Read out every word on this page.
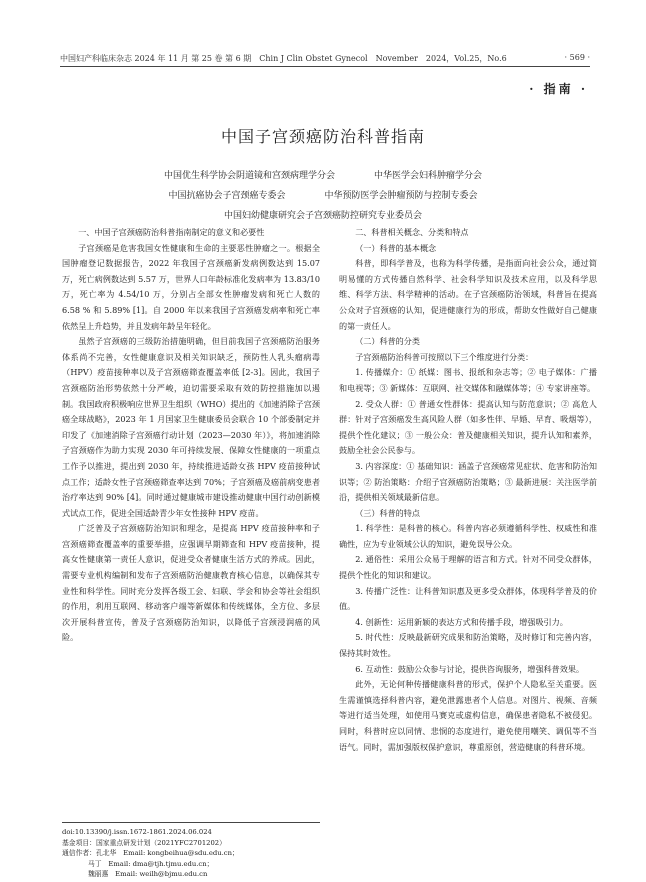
中国妇产科临床杂志 2024 年 11 月 第 25 卷 第 6 期　Chin J Clin Obstet Gynecol　November　2024，Vol.25，No.6	· 569 ·
· 指南 ·
中国子宫颈癌防治科普指南
中国优生科学协会阴道镜和宫颈病理学分会	中华医学会妇科肿瘤学分会
中国抗癌协会子宫颈癌专委会	中华预防医学会肿瘤预防与控制专委会
中国妇幼健康研究会子宫颈癌防控研究专业委员会
一、中国子宫颈癌防治科普指南制定的意义和必要性

子宫颈癌是危害我国女性健康和生命的主要恶性肿瘤之一。根据全国肿瘤登记数据报告，2022 年我国子宫颈癌新发病例数达到 15.07 万，死亡病例数达到 5.57 万，世界人口年龄标准化发病率为 13.83/10 万，死亡率为 4.54/10 万，分别占全部女性肿瘤发病和死亡人数的 6.58 % 和 5.89% [1]。自 2000 年以来我国子宫颈癌发病率和死亡率依然呈上升趋势，并且发病年龄呈年轻化。

虽然子宫颈癌的三级防治措施明确，但目前我国子宫颈癌防治服务体系尚不完善，女性健康意识及相关知识缺乏，预防性人乳头瘤病毒（HPV）疫苗接种率以及子宫颈癌筛查覆盖率低 [2-3]。因此，我国子宫颈癌防治形势依然十分严峻，迫切需要采取有效的防控措施加以遏制。我国政府积极响应世界卫生组织（WHO）提出的《加速消除子宫颈癌全球战略》，2023 年 1 月国家卫生健康委员会联合 10 个部委制定并印发了《加速消除子宫颈癌行动计划（2023—2030 年）》，将加速消除子宫颈癌作为助力实现 2030 年可持续发展、保障女性健康的一项重点工作予以推进，提出到 2030 年，持续推进适龄女孩 HPV 疫苗接种试点工作；适龄女性子宫颈癌筛查率达到 70%；子宫颈癌及癌前病变患者治疗率达到 90% [4]。同时通过健康城市建设推动健康中国行动创新模式试点工作，促进全国适龄青少年女性接种 HPV 疫苗。

广泛普及子宫颈癌防治知识和理念，是提高 HPV 疫苗接种率和子宫颈癌筛查覆盖率的重要举措，应强调早期筛查和 HPV 疫苗接种，提高女性健康第一责任人意识，促进受众者健康生活方式的养成。因此，需要专业机构编制和发布子宫颈癌防治健康教育核心信息，以确保其专业性和科学性。同时充分发挥各级工会、妇联、学会和协会等社会组织的作用，利用互联网、移动客户端等新媒体和传统媒体，全方位、多层次开展科普宣传，普及子宫颈癌防治知识，以降低子宫颈浸润癌的风险。

doi:10.13390/j.issn.1672-1861.2024.06.024
基金项目：国家重点研发计划（2021YFC2701202）
通信作者：孔北华　Email: kongbeihua@sdu.edu.cn；
马丁　Email: dma@tjh.tjmu.edu.cn；
魏丽惠　Email: weilh@bjmu.edu.cn
二、科普相关概念、分类和特点
（一）科普的基本概念

科普，即科学普及，也称为科学传播，是指面向社会公众，通过简明易懂的方式传播自然科学、社会科学知识及技术应用，以及科学思维、科学方法、科学精神的活动。在子宫颈癌防治领域，科普旨在提高公众对子宫颈癌的认知，促进健康行为的形成，帮助女性做好自己健康的第一责任人。

（二）科普的分类

子宫颈癌防治科普可按照以下三个维度进行分类：

1. 传播媒介：① 纸媒：图书、报纸和杂志等；② 电子媒体：广播和电视等；③ 新媒体：互联网、社交媒体和融媒体等；④ 专家讲座等。

2. 受众人群：① 普通女性群体：提高认知与防范意识；② 高危人群：针对子宫颈癌发生高风险人群（如多性伴、早婚、早育、吸烟等），提供个性化建议；③ 一般公众：普及健康相关知识，提升认知和素养，鼓励全社会公民参与。

3. 内容深度：① 基础知识：涵盖子宫颈癌常见症状、危害和防治知识等；② 防治策略：介绍子宫颈癌防治策略；③ 最新进展：关注医学前沿，提供相关领域最新信息。

（三）科普的特点

1. 科学性：是科普的核心。科普内容必须遵循科学性、权威性和准确性，应为专业领域公认的知识，避免误导公众。

2. 通俗性：采用公众易于理解的语言和方式。针对不同受众群体，提供个性化的知识和建议。

3. 传播广泛性：让科普知识惠及更多受众群体，体现科学普及的价值。

4. 创新性：运用新颖的表达方式和传播手段，增强吸引力。

5. 时代性：反映最新研究成果和防治策略，及时修订和完善内容，保持其时效性。

6. 互动性：鼓励公众参与讨论，提供咨询服务，增强科普效果。

此外，无论何种传播健康科普的形式，保护个人隐私至关重要。医生需谨慎选择科普内容，避免泄露患者个人信息。对图片、视频、音频等进行适当处理，如使用马赛克或虚构信息，确保患者隐私不被侵犯。同时，科普时应以同情、悲悯的态度进行，避免使用嘲笑、调侃等不当语气。同时，需加强版权保护意识，尊重原创，营造健康的科普环境。
